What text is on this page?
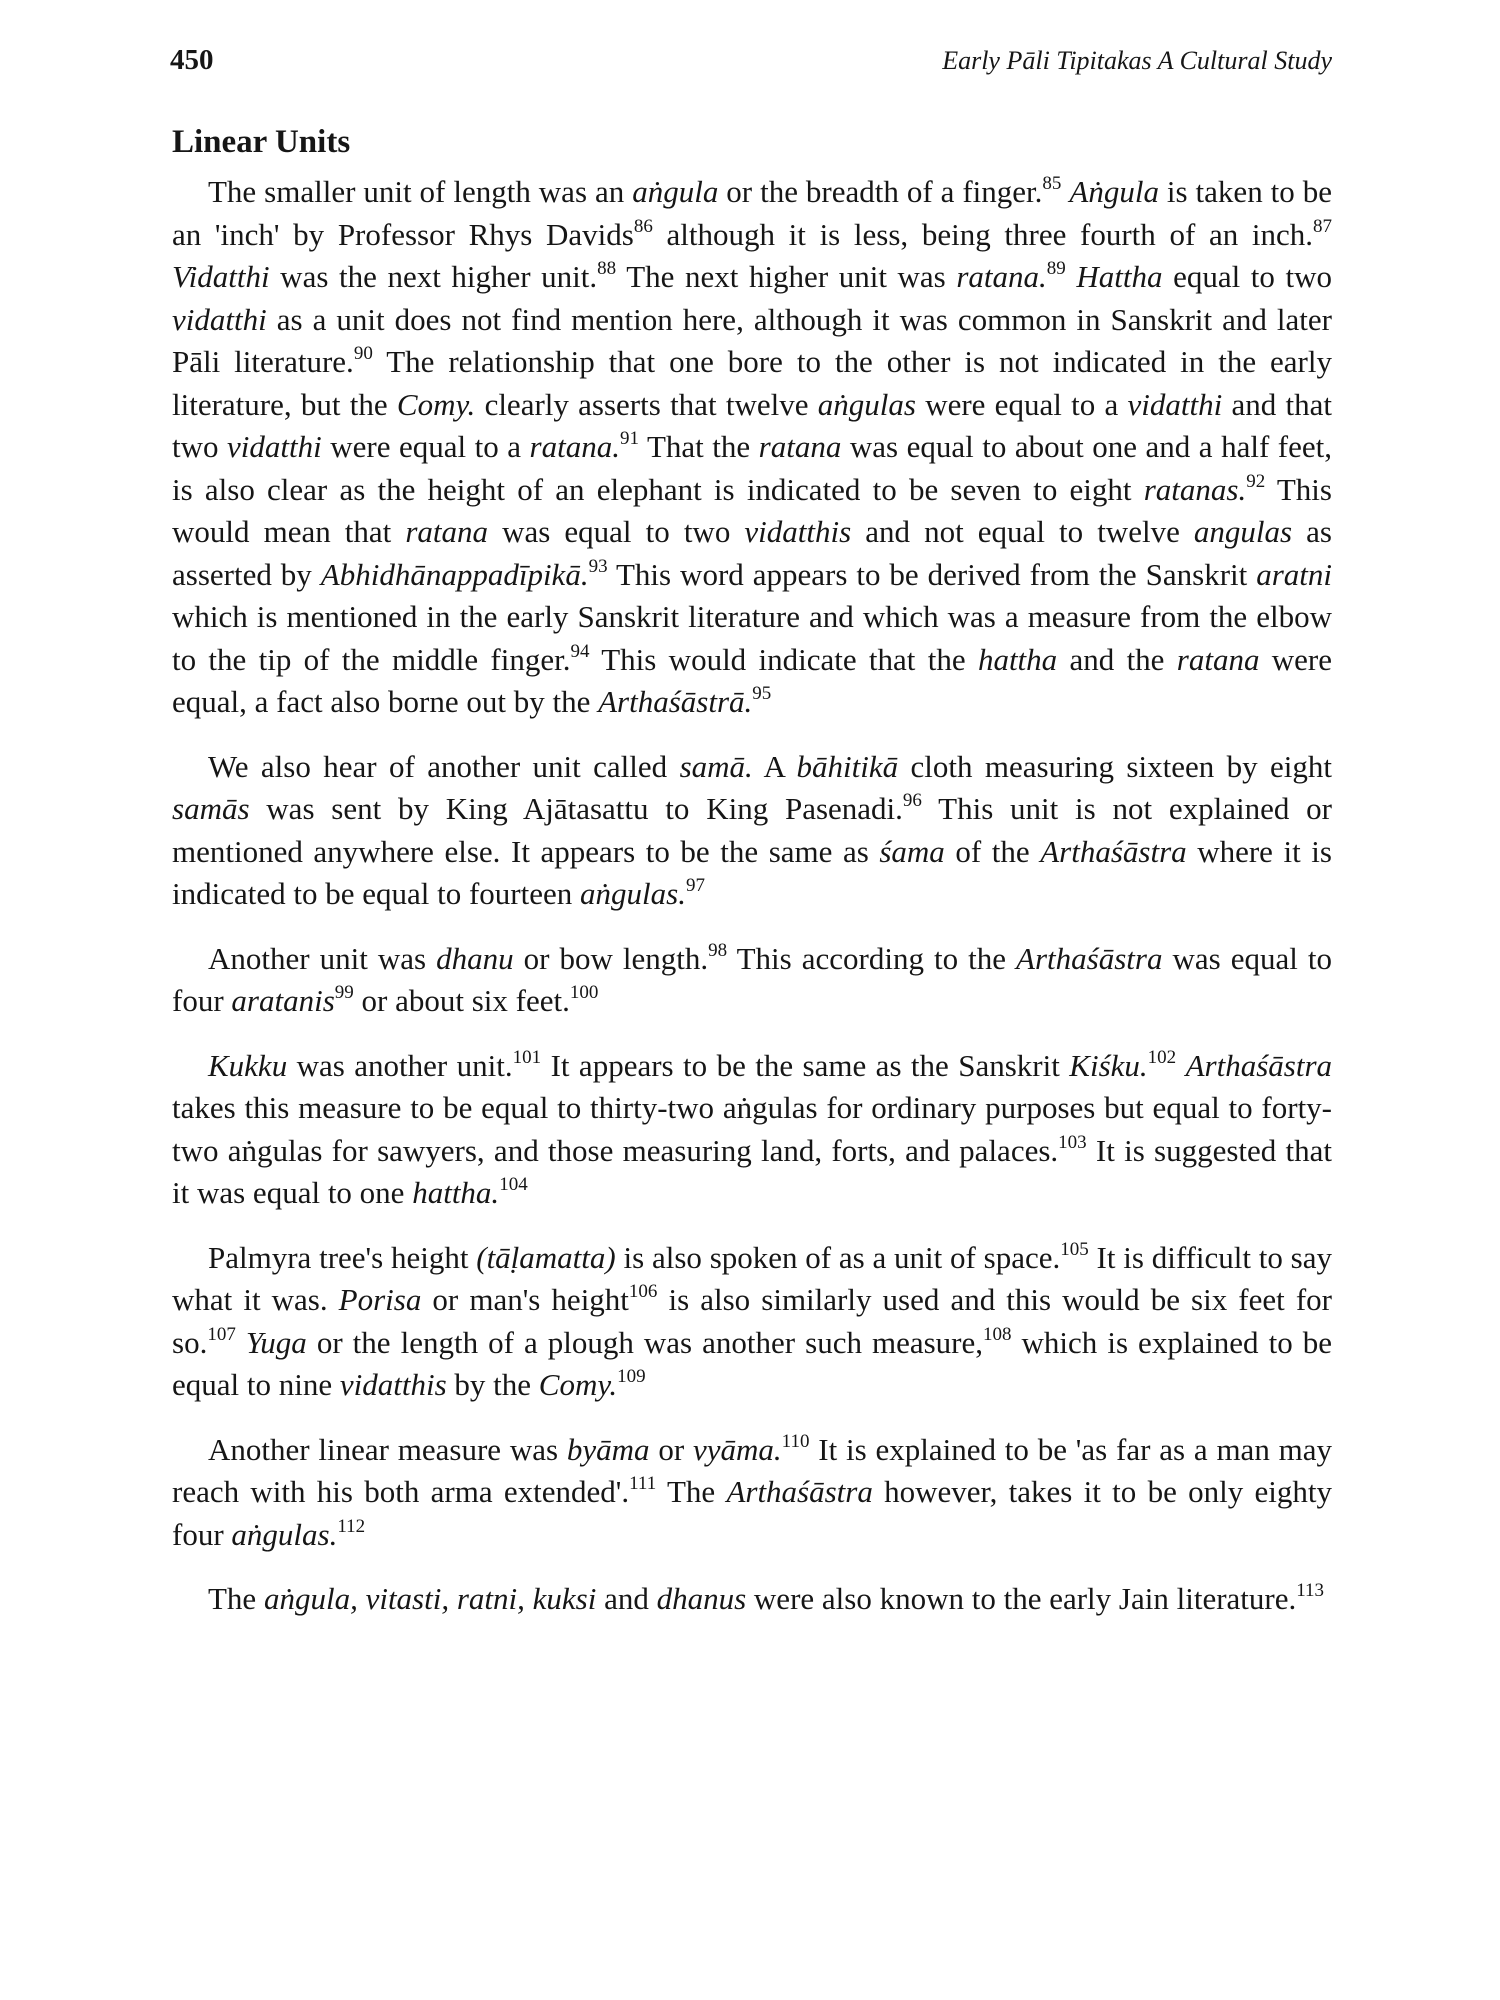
450	Early Pāli Tipitakas A Cultural Study
Linear Units

The smaller unit of length was an aṅgula or the breadth of a finger.$^{85}$ Aṅgula is taken to be an 'inch' by Professor Rhys Davids$^{86}$ although it is less, being three fourth of an inch.$^{87}$ Vidatthi was the next higher unit.$^{88}$ The next higher unit was ratana.$^{89}$ Hattha equal to two vidatthi as a unit does not find mention here, although it was common in Sanskrit and later Pāli literature.$^{90}$ The relationship that one bore to the other is not indicated in the early literature, but the Comy. clearly asserts that twelve aṅgulas were equal to a vidatthi and that two vidatthi were equal to a ratana.$^{91}$ That the ratana was equal to about one and a half feet, is also clear as the height of an elephant is indicated to be seven to eight ratanas.$^{92}$ This would mean that ratana was equal to two vidatthis and not equal to twelve angulas as asserted by Abhidhānappadīpikā.$^{93}$ This word appears to be derived from the Sanskrit aratni which is mentioned in the early Sanskrit literature and which was a measure from the elbow  to the tip of the middle finger.$^{94}$ This would indicate that the hattha and the ratana were equal, a fact also borne out by the Arthaśāstrā.$^{95}$

We also hear of another unit called samā. A bāhitikā cloth measuring sixteen by eight samās was sent by King Ajātasattu to King Pasenadi.$^{96}$ This unit is not explained or mentioned anywhere else. It appears to be the same as śama of the Arthaśāstra where it is indicated to be equal to fourteen aṅgulas.$^{97}$

Another unit was dhanu or bow length.$^{98}$ This according to the Arthaśāstra was equal to four aratanis$^{99}$ or about six feet.$^{100}$

Kukku was another unit.$^{101}$ It appears to be the same as the Sanskrit Kiśku.$^{102}$ Arthaśāstra takes this measure to be equal to thirty-two aṅgulas for ordinary purposes but equal to forty-two aṅgulas for sawyers, and those measuring land, forts, and palaces.$^{103}$ It is suggested that it was equal to one hattha.$^{104}$

Palmyra tree's height (tāḷamatta) is also spoken of as a unit of space.$^{105}$ It is difficult to say what it was. Porisa or man's height$^{106}$ is also similarly used and this would be six feet for so.$^{107}$ Yuga or the length of a plough was another such measure,$^{108}$ which is explained to be equal to nine vidatthis by the Comy.$^{109}$

Another linear measure was byāma or vyāma.$^{110}$ It is explained to be 'as far as a man may reach with his both arma extended'.$^{111}$ The Arthaśāstra however, takes it to be only eighty four aṅgulas.$^{112}$

The aṅgula, vitasti, ratni, kuksi and dhanus were also known to the early Jain literature.$^{113}$
